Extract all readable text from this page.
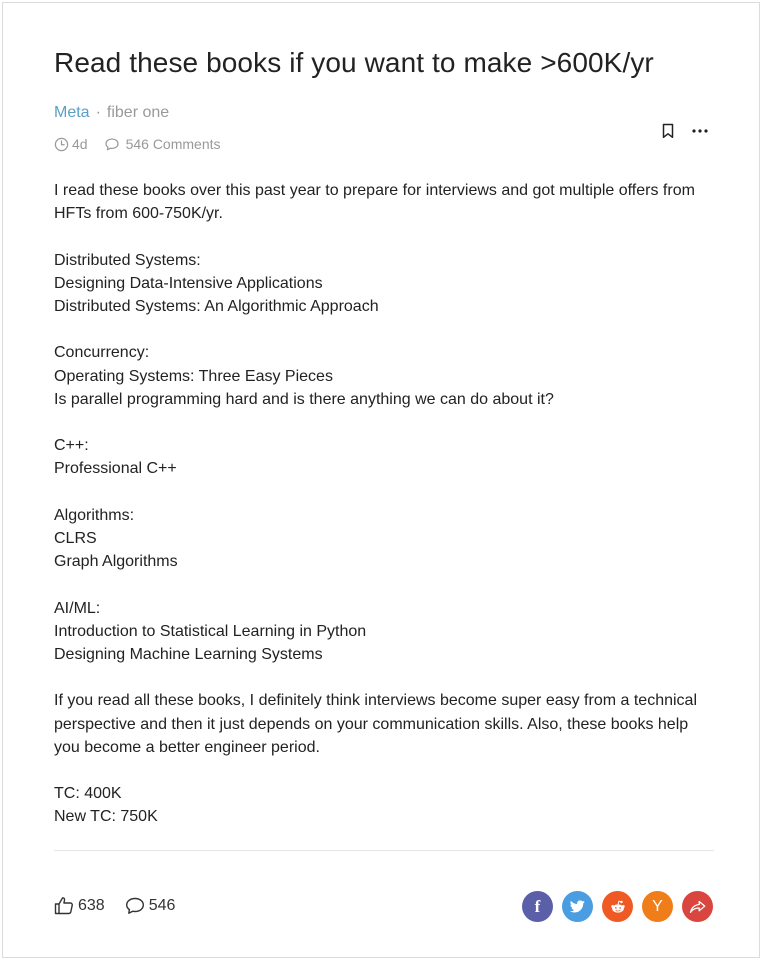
Read these books if you want to make >600K/yr
Meta · fiber one
4d	546 Comments

I read these books over this past year to prepare for interviews and got multiple offers from HFTs from 600-750K/yr.

Distributed Systems:
Designing Data-Intensive Applications
Distributed Systems: An Algorithmic Approach

Concurrency:
Operating Systems: Three Easy Pieces
Is parallel programming hard and is there anything we can do about it?

C++:
Professional C++

Algorithms:
CLRS
Graph Algorithms

AI/ML:
Introduction to Statistical Learning in Python
Designing Machine Learning Systems

If you read all these books, I definitely think interviews become super easy from a technical perspective and then it just depends on your communication skills. Also, these books help you become a better engineer period.

TC: 400K
New TC: 750K

638	546	f	Y
